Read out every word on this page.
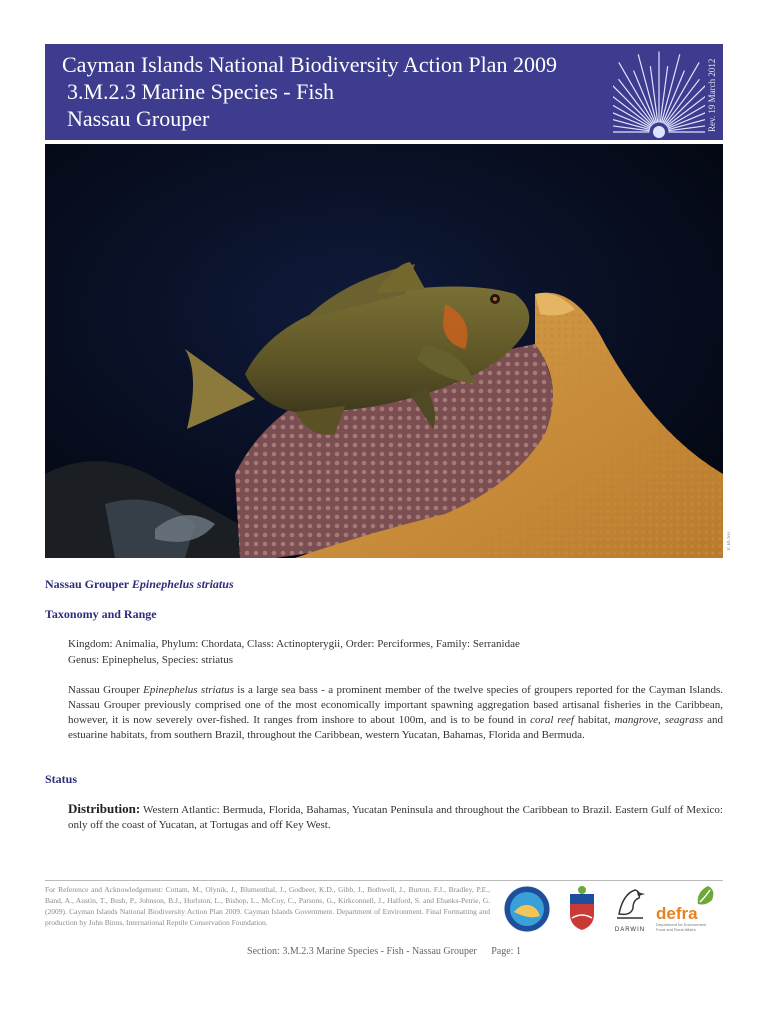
Cayman Islands National Biodiversity Action Plan 2009
3.M.2.3 Marine Species - Fish
Nassau Grouper	Rev. 19 March 2012
P. BUSH
Nassau Grouper Epinephelus striatus
Taxonomy and Range
Kingdom: Animalia, Phylum: Chordata, Class: Actinopterygii, Order: Perciformes, Family: Serranidae
Genus: Epinephelus, Species: striatus
Nassau Grouper Epinephelus striatus is a large sea bass - a prominent member of the twelve species of groupers reported for the Cayman Islands. Nassau Grouper previously comprised one of the most economically important spawning aggregation based artisanal fisheries in the Caribbean, however, it is now severely over-fished. It ranges from inshore to about 100m, and is to be found in coral reef habitat, mangrove, seagrass and estuarine habitats, from southern Brazil, throughout the Caribbean, western Yucatan, Bahamas, Florida and Bermuda.
Status
Distribution: Western Atlantic: Bermuda, Florida, Bahamas, Yucatan Peninsula and throughout the Caribbean to Brazil. Eastern Gulf of Mexico: only off the coast of Yucatan, at Tortugas and off Key West.
For Reference and Acknowledgement: Cottam, M., Olynik, J., Blumenthal, J., Godbeer, K.D., Gibb, J., Bothwell, J., Burton, F.J., Bradley, P.E., Band, A., Austin, T., Bush, P., Johnson, B.J., Hurlston, L., Bishop, L., McCoy, C., Parsons, G., Kirkconnell, J., Halford, S. and Ebanks-Petrie, G. (2009). Cayman Islands National Biodiversity Action Plan 2009. Cayman Islands Government. Department of Environment. Final Formatting and production by John Binns, International Reptile Conservation Foundation.
DARWIN
defra
Department for Environment Food and Rural Affairs
Section: 3.M.2.3 Marine Species - Fish - Nassau Grouper Page: 1
